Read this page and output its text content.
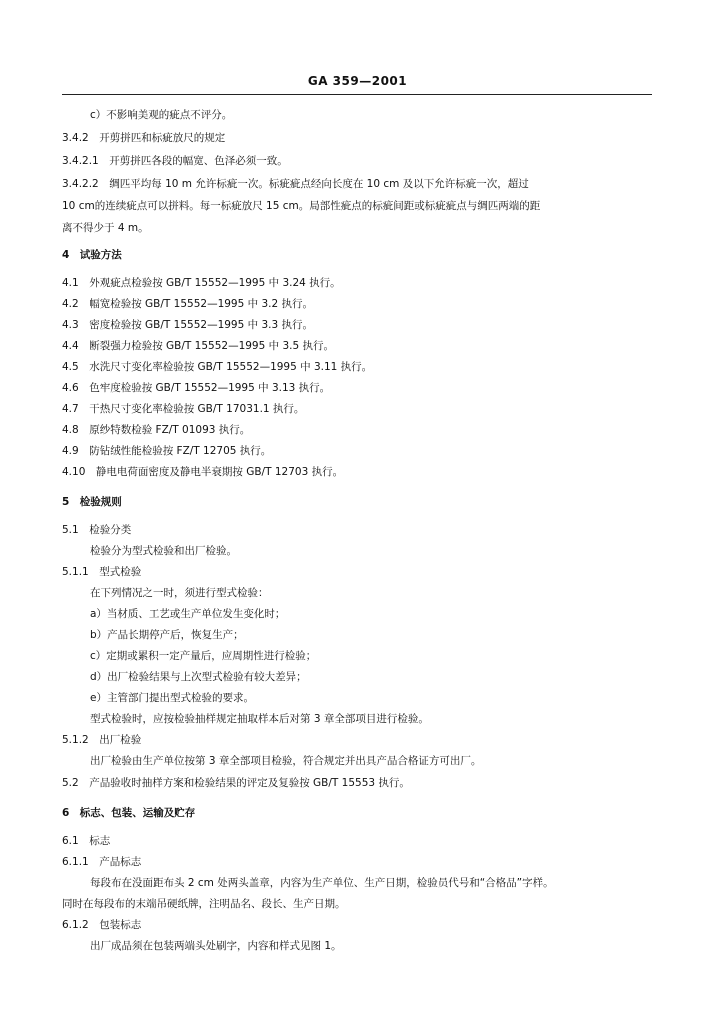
GA 359—2001
c）不影响美观的疵点不评分。
3.4.2　开剪拼匹和标疵放尺的规定
3.4.2.1　开剪拼匹各段的幅宽、色泽必须一致。
3.4.2.2　绸匹平均每 10 m 允许标疵一次。标疵疵点经向长度在 10 cm 及以下允许标疵一次，超过
10 cm的连续疵点可以拼料。每一标疵放尺 15 cm。局部性疵点的标疵间距或标疵疵点与绸匹两端的距
离不得少于 4 m。
4　试验方法
4.1　外观疵点检验按 GB/T 15552—1995 中 3.24 执行。
4.2　幅宽检验按 GB/T 15552—1995 中 3.2 执行。
4.3　密度检验按 GB/T 15552—1995 中 3.3 执行。
4.4　断裂强力检验按 GB/T 15552—1995 中 3.5 执行。
4.5　水洗尺寸变化率检验按 GB/T 15552—1995 中 3.11 执行。
4.6　色牢度检验按 GB/T 15552—1995 中 3.13 执行。
4.7　干热尺寸变化率检验按 GB/T 17031.1 执行。
4.8　原纱特数检验 FZ/T 01093 执行。
4.9　防钻绒性能检验按 FZ/T 12705 执行。
4.10　静电电荷面密度及静电半衰期按 GB/T 12703 执行。
5　检验规则
5.1　检验分类
检验分为型式检验和出厂检验。
5.1.1　型式检验
在下列情况之一时，须进行型式检验：
a）当材质、工艺或生产单位发生变化时；
b）产品长期停产后，恢复生产；
c）定期或累积一定产量后，应周期性进行检验；
d）出厂检验结果与上次型式检验有较大差异；
e）主管部门提出型式检验的要求。
型式检验时，应按检验抽样规定抽取样本后对第 3 章全部项目进行检验。
5.1.2　出厂检验
出厂检验由生产单位按第 3 章全部项目检验，符合规定并出具产品合格证方可出厂。
5.2　产品验收时抽样方案和检验结果的评定及复验按 GB/T 15553 执行。
6　标志、包装、运输及贮存
6.1　标志
6.1.1　产品标志
每段布在没面距布头 2 cm 处两头盖章，内容为生产单位、生产日期，检验员代号和“合格品”字样。
同时在每段布的末端吊硬纸牌，注明品名、段长、生产日期。
6.1.2　包装标志
出厂成品须在包装两端头处刷字，内容和样式见图 1。
